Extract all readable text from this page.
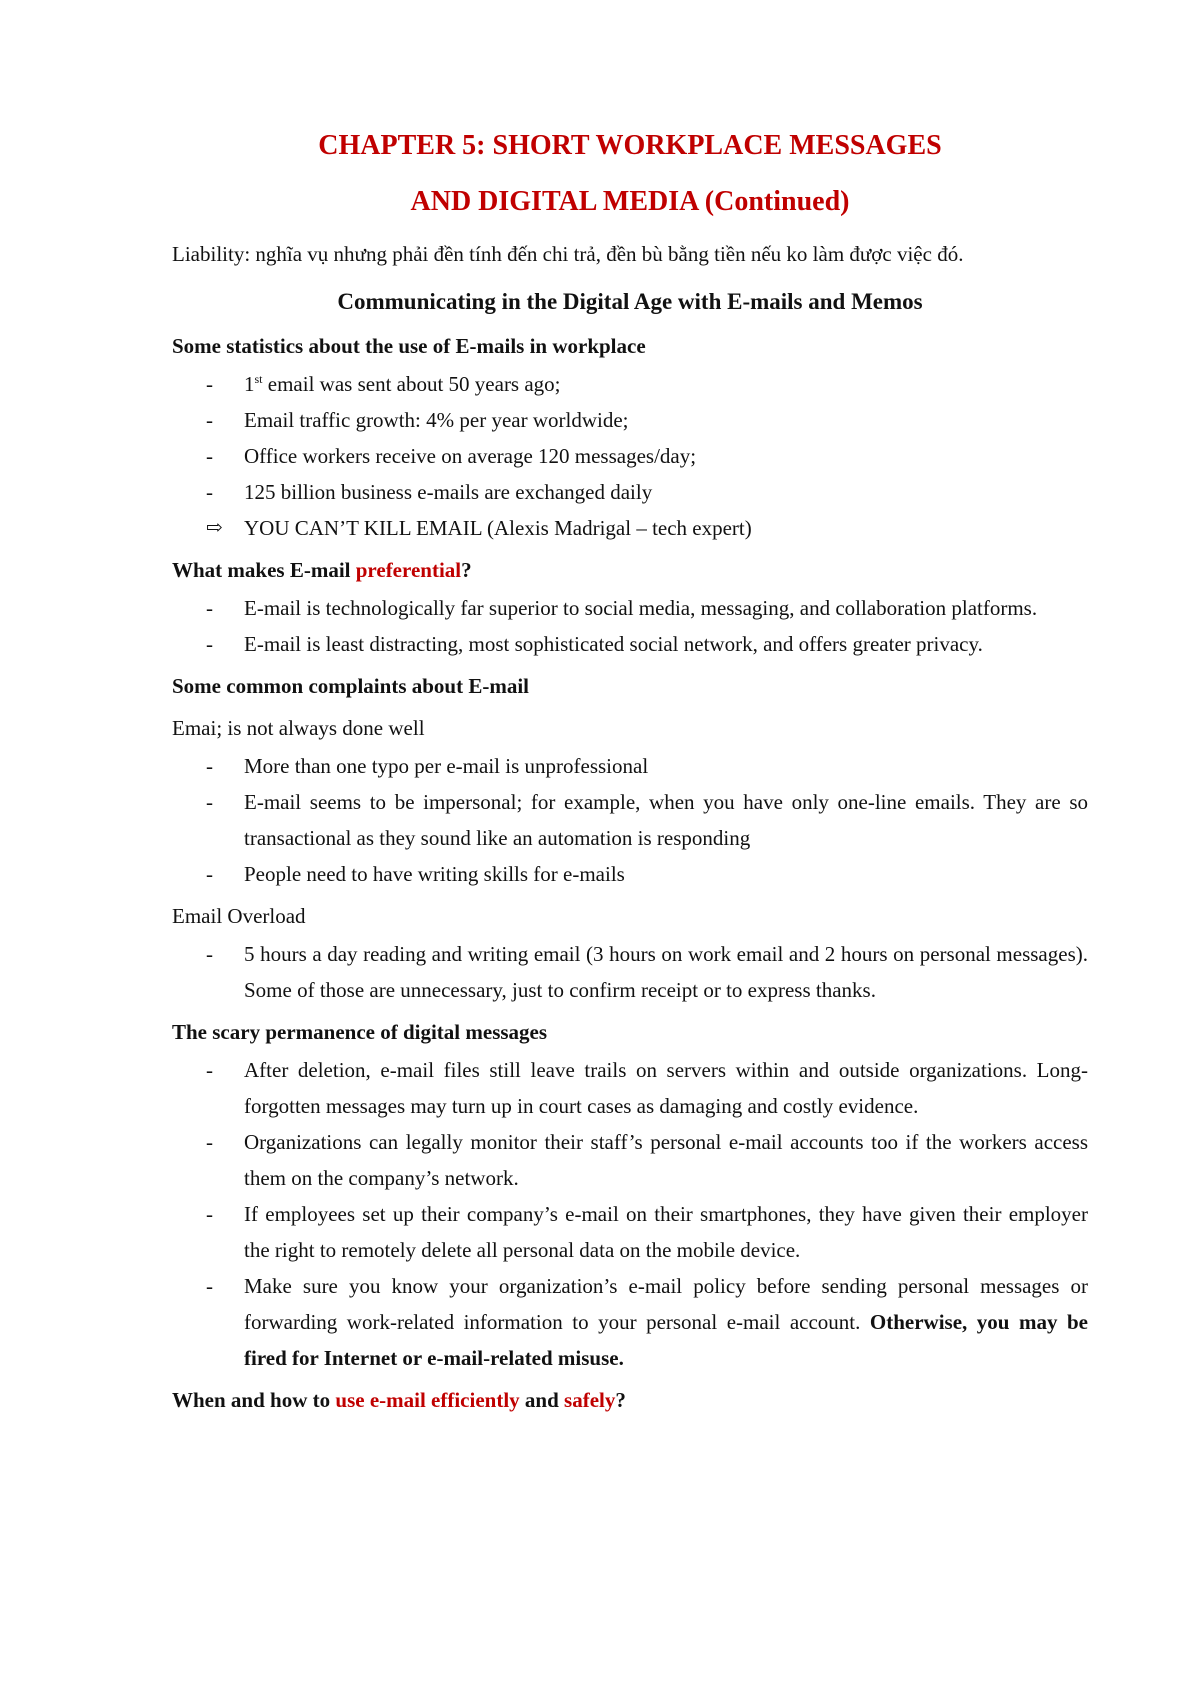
CHAPTER 5: SHORT WORKPLACE MESSAGES

AND DIGITAL MEDIA (Continued)

Liability: nghĩa vụ nhưng phải đền tính đến chi trả, đền bù bằng tiền nếu ko làm được việc đó.

Communicating in the Digital Age with E-mails and Memos

Some statistics about the use of E-mails in workplace

-	1st email was sent about 50 years ago;
-	Email traffic growth: 4% per year worldwide;
-	Office workers receive on average 120 messages/day;
-	125 billion business e-mails are exchanged daily
⇨ YOU CAN’T KILL EMAIL (Alexis Madrigal – tech expert)

What makes E-mail preferential?

-	E-mail is technologically far superior to social media, messaging, and collaboration platforms.
-	E-mail is least distracting, most sophisticated social network, and offers greater privacy.

Some common complaints about E-mail

Emai; is not always done well

-	More than one typo per e-mail is unprofessional
-	E-mail seems to be impersonal; for example, when you have only one-line emails. They are so transactional as they sound like an automation is responding
-	People need to have writing skills for e-mails

Email Overload

-	5 hours a day reading and writing email (3 hours on work email and 2 hours on personal messages). Some of those are unnecessary, just to confirm receipt or to express thanks.

The scary permanence of digital messages

-	After deletion, e-mail files still leave trails on servers within and outside organizations. Long-forgotten messages may turn up in court cases as damaging and costly evidence.
-	Organizations can legally monitor their staff’s personal e-mail accounts too if the workers access them on the company’s network.
-	If employees set up their company’s e-mail on their smartphones, they have given their employer the right to remotely delete all personal data on the mobile device.
-	Make sure you know your organization’s e-mail policy before sending personal messages or forwarding work-related information to your personal e-mail account. Otherwise, you may be fired for Internet or e-mail-related misuse.

When and how to use e-mail efficiently and safely?
